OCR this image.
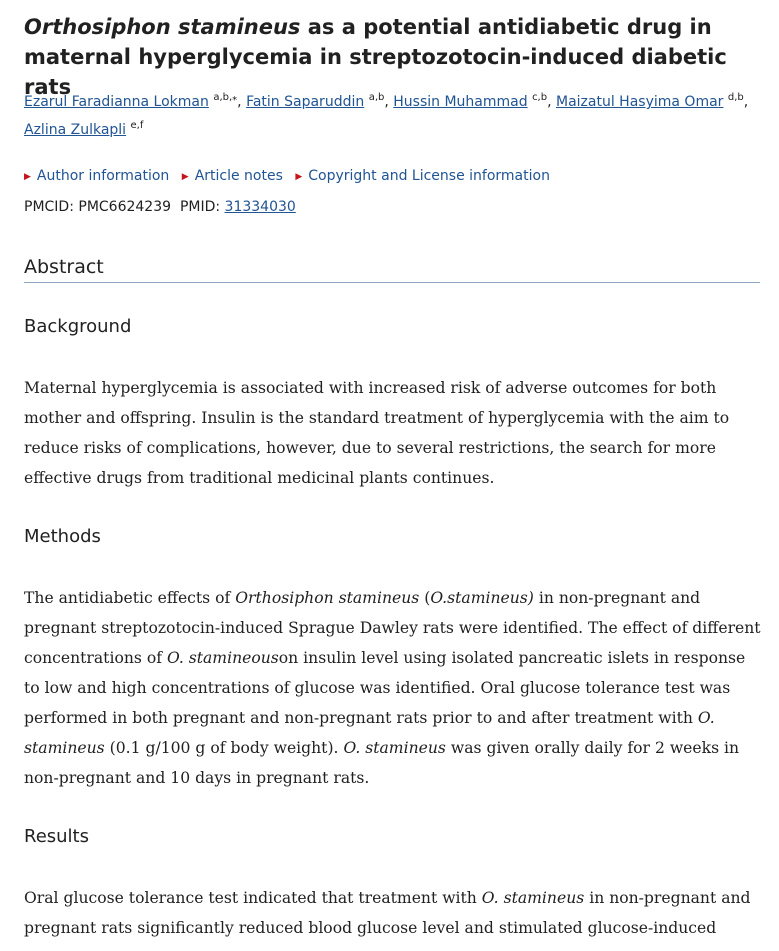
Orthosiphon stamineus as a potential antidiabetic drug in maternal hyperglycemia in streptozotocin-induced diabetic rats
Ezarul Faradianna Lokman $^{a,b,⁎}$, Fatin Saparuddin $^{a,b}$, Hussin Muhammad $^{c,b}$, Maizatul Hasyima Omar $^{d,b}$, Azlina Zulkapli $^{e,f}$
▶ Author information ▶ Article notes ▶ Copyright and License information
PMCID: PMC6624239 PMID: 31334030
Abstract
Background

Maternal hyperglycemia is associated with increased risk of adverse outcomes for both mother and offspring. Insulin is the standard treatment of hyperglycemia with the aim to reduce risks of complications, however, due to several restrictions, the search for more effective drugs from traditional medicinal plants continues.

Methods

The antidiabetic effects of Orthosiphon stamineus (O.stamineus) in non-pregnant and pregnant streptozotocin-induced Sprague Dawley rats were identified. The effect of different concentrations of O. stamineouson insulin level using isolated pancreatic islets in response to low and high concentrations of glucose was identified. Oral glucose tolerance test was performed in both pregnant and non-pregnant rats prior to and after treatment with O. stamineus (0.1 g/100 g of body weight). O. stamineus was given orally daily for 2 weeks in non-pregnant and 10 days in pregnant rats.

Results

Oral glucose tolerance test indicated that treatment with O. stamineus in non-pregnant and pregnant rats significantly reduced blood glucose level and stimulated glucose-induced
